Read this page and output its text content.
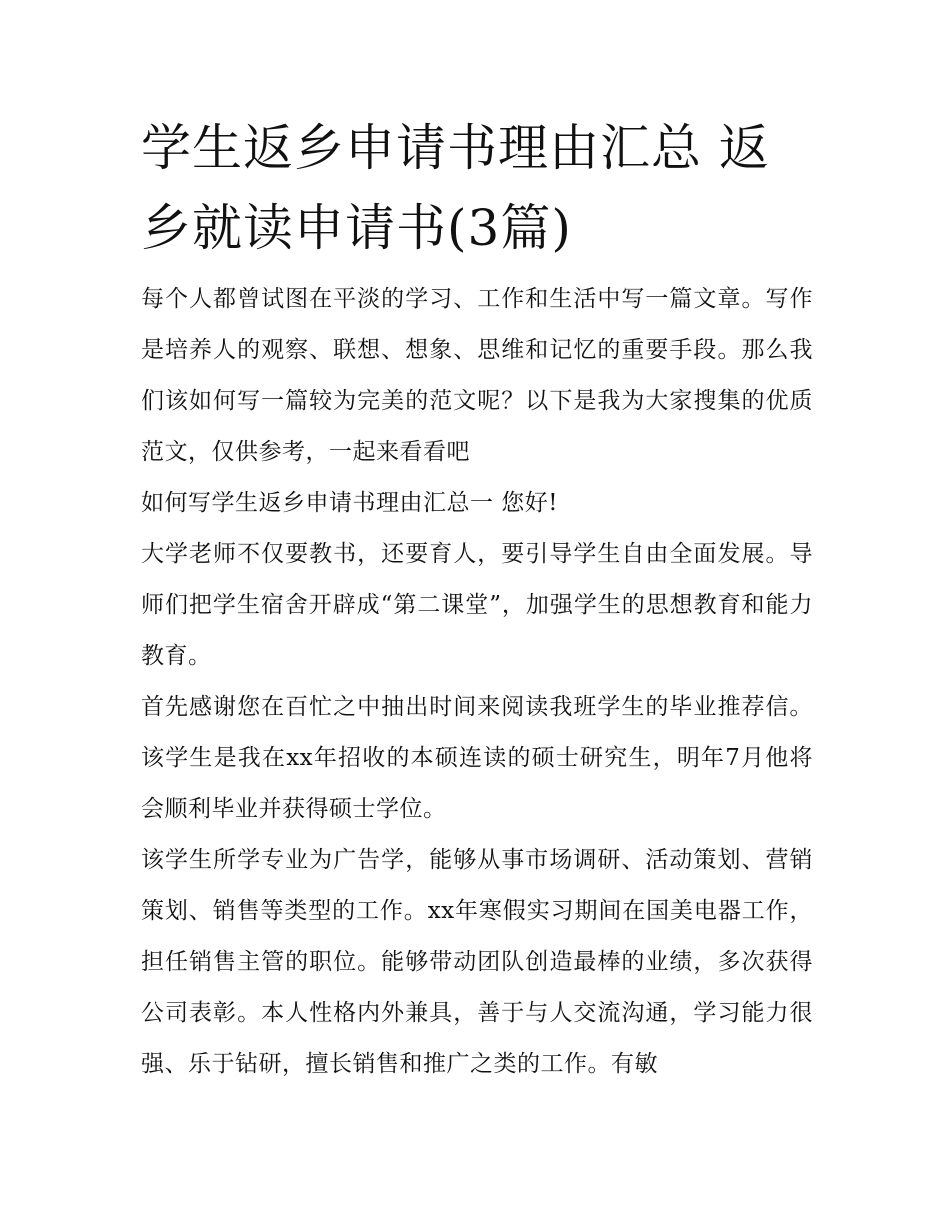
学生返乡申请书理由汇总 返乡就读申请书(3篇)

每个人都曾试图在平淡的学习、工作和生活中写一篇文章。写作是培养人的观察、联想、想象、思维和记忆的重要手段。那么我们该如何写一篇较为完美的范文呢？以下是我为大家搜集的优质范文，仅供参考，一起来看看吧

如何写学生返乡申请书理由汇总一 您好!

大学老师不仅要教书，还要育人，要引导学生自由全面发展。导师们把学生宿舍开辟成“第二课堂”，加强学生的思想教育和能力教育。

首先感谢您在百忙之中抽出时间来阅读我班学生的毕业推荐信。该学生是我在xx年招收的本硕连读的硕士研究生，明年7月他将会顺利毕业并获得硕士学位。

该学生所学专业为广告学，能够从事市场调研、活动策划、营销策划、销售等类型的工作。xx年寒假实习期间在国美电器工作，担任销售主管的职位。能够带动团队创造最棒的业绩，多次获得公司表彰。本人性格内外兼具，善于与人交流沟通，学习能力很强、乐于钻研，擅长销售和推广之类的工作。有敏
